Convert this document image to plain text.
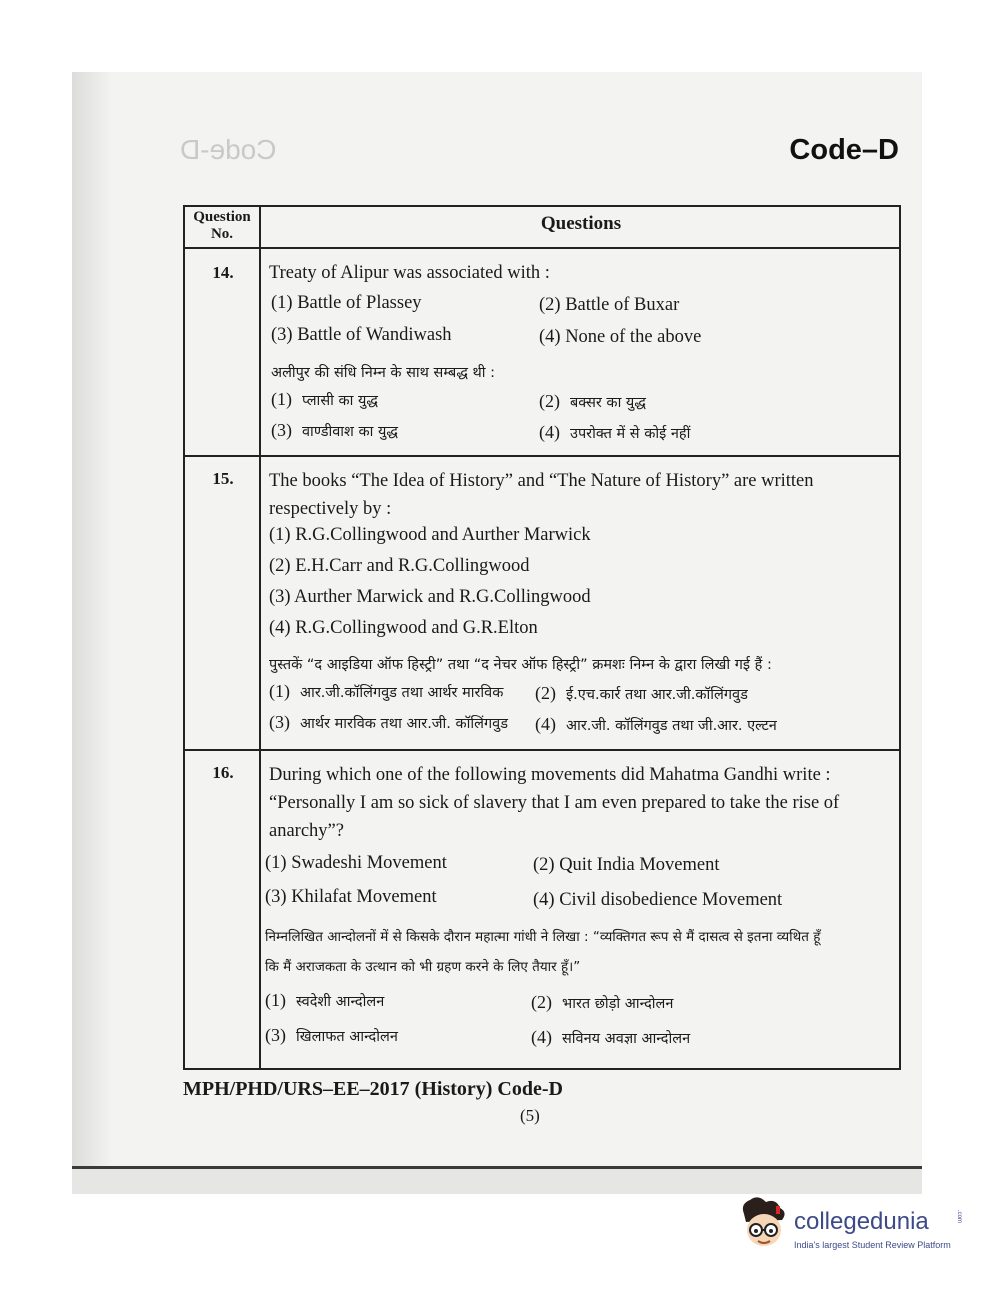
Code-D	Code–D
Question No.	Questions
14.	Treaty of Alipur was associated with :
(1) Battle of Plassey	(2) Battle of Buxar
(3) Battle of Wandiwash	(4) None of the above
अलीपुर की संधि निम्न के साथ सम्बद्ध थी :
(1) प्लासी का युद्ध	(2) बक्सर का युद्ध
(3) वाण्डीवाश का युद्ध	(4) उपरोक्त में से कोई नहीं
15.	The books “The Idea of History” and “The Nature of History” are written respectively by :
(1) R.G.Collingwood and Aurther Marwick
(2) E.H.Carr and R.G.Collingwood
(3) Aurther Marwick and R.G.Collingwood
(4) R.G.Collingwood and G.R.Elton
पुस्तकें “द आइडिया ऑफ हिस्ट्री” तथा “द नेचर ऑफ हिस्ट्री” क्रमशः निम्न के द्वारा लिखी गई हैं :
(1) आर.जी.कॉलिंगवुड तथा आर्थर मारविक (2) ई.एच.कार्र तथा आर.जी.कॉलिंगवुड
(3) आर्थर मारविक तथा आर.जी. कॉलिंगवुड (4) आर.जी. कॉलिंगवुड तथा जी.आर. एल्टन
16.	During which one of the following movements did Mahatma Gandhi write : “Personally I am so sick of slavery that I am even prepared to take the rise of anarchy”?
(1) Swadeshi Movement	(2) Quit India Movement
(3) Khilafat Movement	(4) Civil disobedience Movement
निम्नलिखित आन्दोलनों में से किसके दौरान महात्मा गांधी ने लिखा : “व्यक्तिगत रूप से मैं दासत्व से इतना व्यथित हूँ
कि मैं अराजकता के उत्थान को भी ग्रहण करने के लिए तैयार हूँ।”
(1) स्वदेशी आन्दोलन	(2) भारत छोड़ो आन्दोलन
(3) खिलाफत आन्दोलन	(4) सविनय अवज्ञा आन्दोलन
MPH/PHD/URS–EE–2017 (History) Code-D
(5)
collegedunia	.com
India's largest Student Review Platform
